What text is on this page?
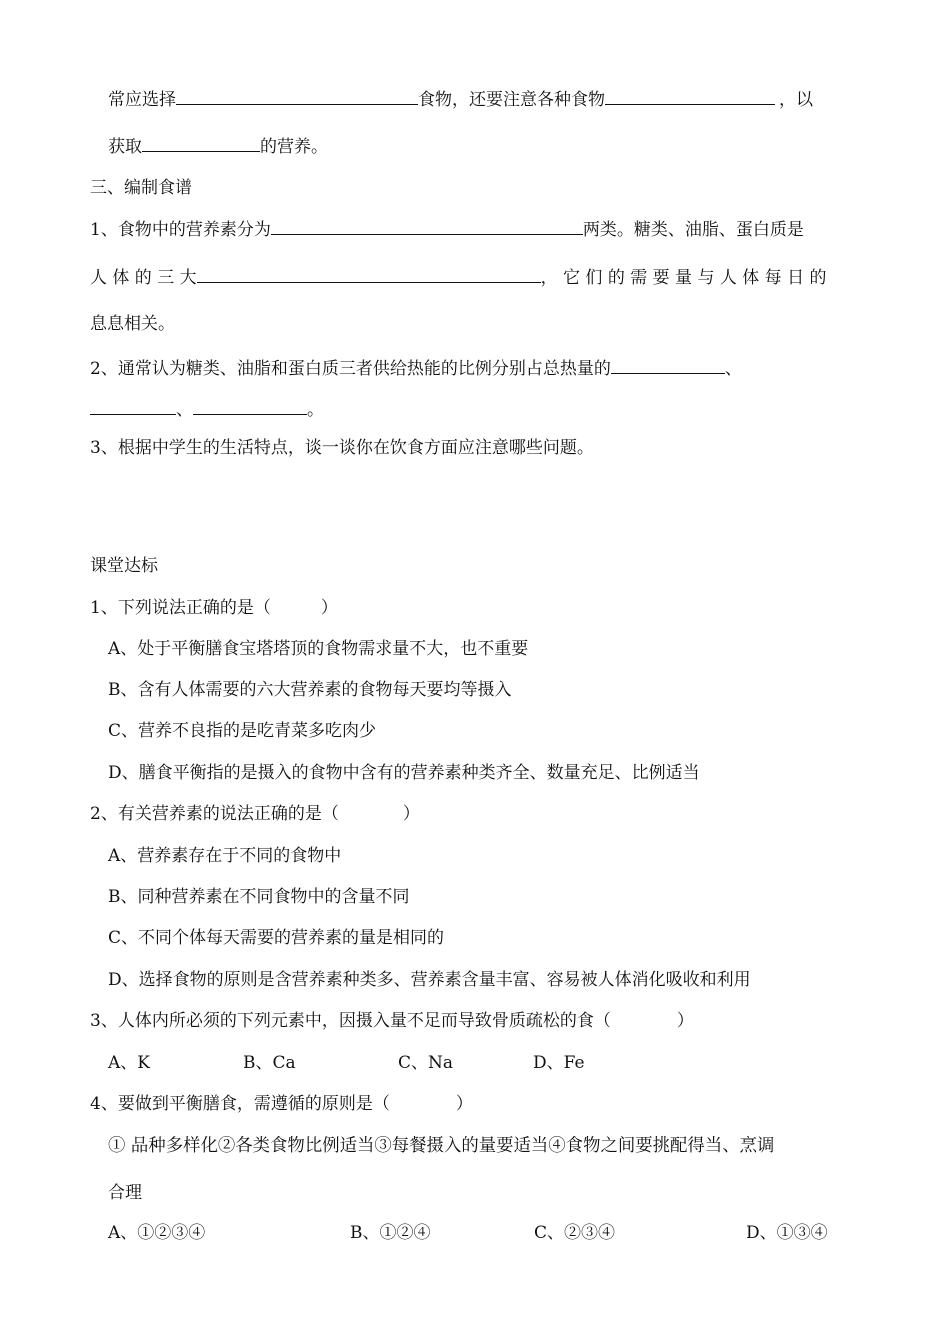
常应选择	食物，还要注意各种食物	，以
获取	的营养。
三、编制食谱
1、食物中的营养素分为	两类。糖类、油脂、蛋白质是
人 体 的 三 大	， 它 们 的 需 要 量 与 人 体 每 日 的
息息相关。
2、通常认为糖类、油脂和蛋白质三者供给热能的比例分别占总热量的	、
、	。
3、根据中学生的生活特点，谈一谈你在饮食方面应注意哪些问题。
课堂达标
1、下列说法正确的是（	）
A、处于平衡膳食宝塔塔顶的食物需求量不大，也不重要
B、含有人体需要的六大营养素的食物每天要均等摄入
C、营养不良指的是吃青菜多吃肉少
D、膳食平衡指的是摄入的食物中含有的营养素种类齐全、数量充足、比例适当
2、有关营养素的说法正确的是（	）
A、营养素存在于不同的食物中
B、同种营养素在不同食物中的含量不同
C、不同个体每天需要的营养素的量是相同的
D、选择食物的原则是含营养素种类多、营养素含量丰富、容易被人体消化吸收和利用
3、人体内所必须的下列元素中，因摄入量不足而导致骨质疏松的食（	）
A、K	B、Ca	C、Na	D、Fe
4、要做到平衡膳食，需遵循的原则是（	）
① 品种多样化②各类食物比例适当③每餐摄入的量要适当④食物之间要挑配得当、烹调
合理
A、①②③④	B、①②④	C、②③④	D、①③④
